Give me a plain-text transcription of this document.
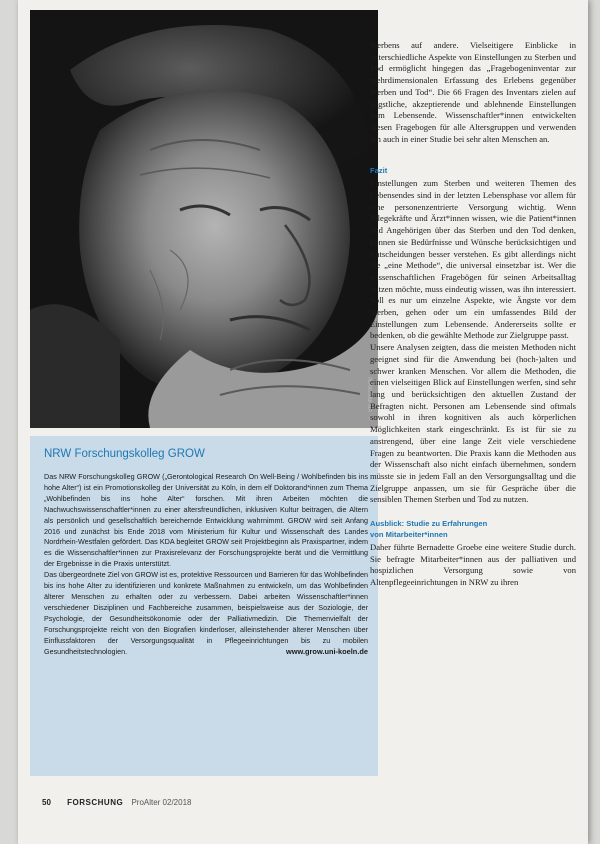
© Shutterstock/
NRW Forschungskolleg GROW

Das NRW Forschungskolleg GROW („Gerontological Research On Well-Being / Wohlbefinden bis ins hohe Alter“) ist ein Promotionskolleg der Universität zu Köln, in dem elf Doktorand*innen zum Thema „Wohlbefinden bis ins hohe Alter“ forschen. Mit ihren Arbeiten möchten die Nachwuchswissenschaftler*innen zu einer altersfreundlichen, inklusiven Kultur beitragen, die Altern als persönlich und gesellschaftlich bereichernde Entwicklung wahrnimmt. GROW wird seit Anfang 2016 und zunächst bis Ende 2018 vom Ministerium für Kultur und Wissenschaft des Landes Nordrhein-Westfalen gefördert. Das KDA begleitet GROW seit Projektbeginn als Praxispartner, indem es die Wissenschaftler*innen zur Praxisrelevanz der Forschungsprojekte berät und die Vermittlung der Ergebnisse in die Praxis unterstützt.

Das übergeordnete Ziel von GROW ist es, protektive Ressourcen und Barrieren für das Wohlbefinden bis ins hohe Alter zu identifizieren und konkrete Maßnahmen zu entwickeln, um das Wohlbefinden älterer Menschen zu erhalten oder zu verbessern. Dabei arbeiten Wissenschaftler*innen verschiedener Disziplinen und Fachbereiche zusammen, beispielsweise aus der Soziologie, der Psychologie, der Gesundheitsökonomie oder der Palliativmedizin. Die Themenvielfalt der Forschungsprojekte reicht von den Biografien kinderloser, alleinstehender älterer Menschen über Einflussfaktoren der Versorgungsqualität in Pflegeeinrichtungen bis zu mobilen Gesundheitstechnologien.	www.grow.uni-koeln.de

Sterbens auf andere. Vielseitigere Einblicke in unterschiedliche Aspekte von Einstellungen zu Sterben und Tod ermöglicht hingegen das „Fragebogeninventar zur mehrdimensionalen Erfassung des Erlebens gegenüber Sterben und Tod“. Die 66 Fragen des Inventars zielen auf ängstliche, akzeptierende und ablehnende Einstellungen zum Lebensende. Wissenschaftler*innen entwickelten diesen Fragebogen für alle Altersgruppen und verwenden ihn auch in einer Studie bei sehr alten Menschen an.

Fazit

Einstellungen zum Sterben und weiteren Themen des Lebensendes sind in der letzten Lebensphase vor allem für eine personenzentrierte Versorgung wichtig. Wenn Pflegekräfte und Ärzt*innen wissen, wie die Patient*innen und Angehörigen über das Sterben und den Tod denken, können sie Bedürfnisse und Wünsche berücksichtigen und Entscheidungen besser verstehen. Es gibt allerdings nicht die „eine Methode“, die universal einsetzbar ist. Wer die wissenschaftlichen Fragebögen für seinen Arbeitsalltag nutzen möchte, muss eindeutig wissen, was ihn interessiert. Soll es nur um einzelne Aspekte, wie Ängste vor dem Sterben, gehen oder um ein umfassendes Bild der Einstellungen zum Lebensende. Andererseits sollte er bedenken, ob die gewählte Methode zur Zielgruppe passt.

Unsere Analysen zeigten, dass die meisten Methoden nicht geeignet sind für die Anwendung bei (hoch-)alten und schwer kranken Menschen. Vor allem die Methoden, die einen vielseitigen Blick auf Einstellungen werfen, sind sehr lang und berücksichtigen den aktuellen Zustand der Befragten nicht. Personen am Lebensende sind oftmals sowohl in ihren kognitiven als auch körperlichen Möglichkeiten stark eingeschränkt. Es ist für sie zu anstrengend, über eine lange Zeit viele verschiedene Fragen zu beantworten. Die Praxis kann die Methoden aus der Wissenschaft also nicht einfach übernehmen, sondern müsste sie in jedem Fall an den Versorgungsalltag und die Zielgruppe anpassen, um sie für Gespräche über die sensiblen Themen Sterben und Tod zu nutzen.

Ausblick: Studie zu Erfahrungen
von Mitarbeiter*innen

Daher führte Bernadette Groebe eine weitere Studie durch. Sie befragte Mitarbeiter*innen aus der palliativen und hospizlichen Versorgung sowie von Altenpflegeeinrichtungen in NRW zu ihren

50 FORSCHUNG ProAlter 02/2018
